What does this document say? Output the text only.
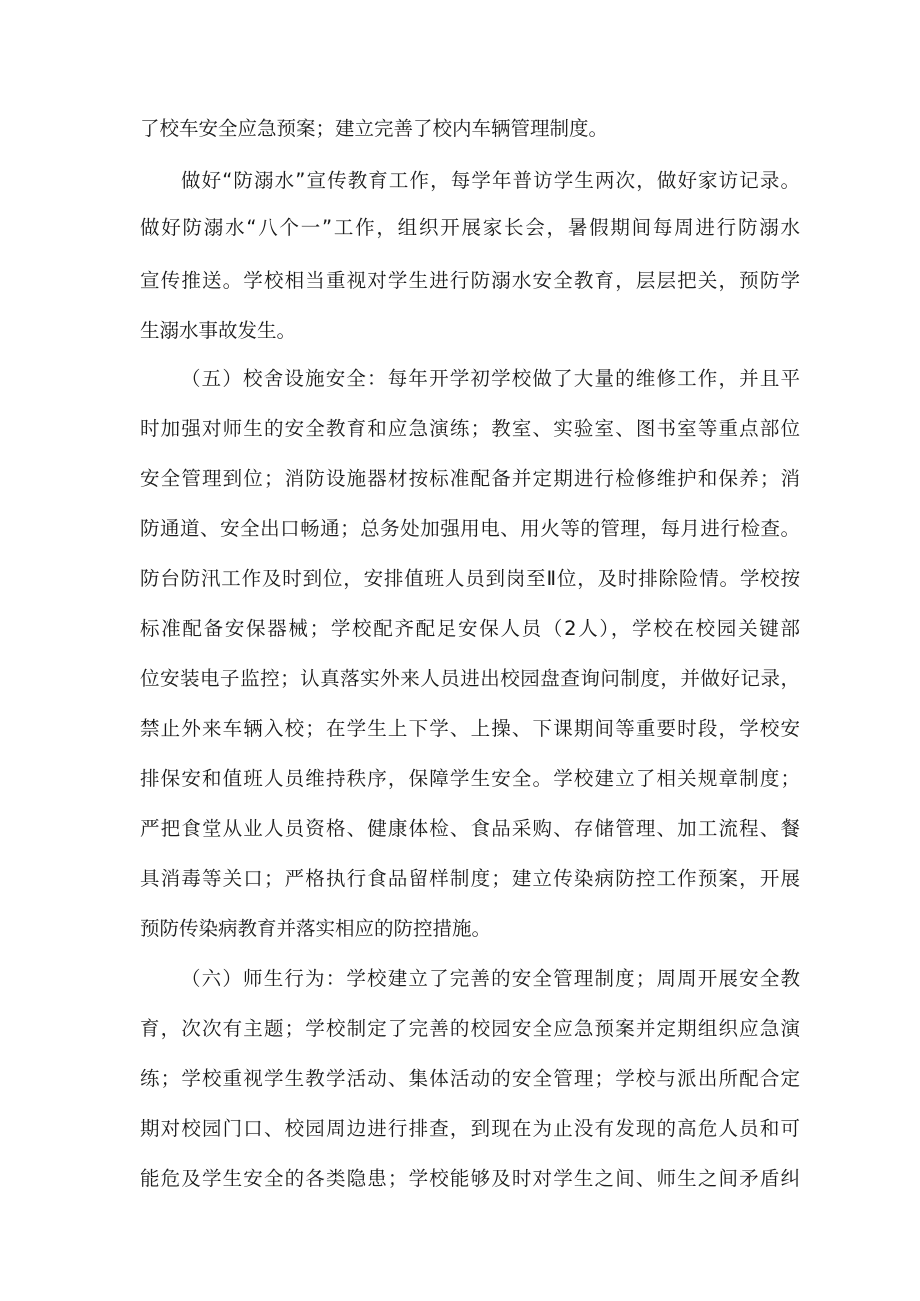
了校车安全应急预案；建立完善了校内车辆管理制度。
做好“防溺水”宣传教育工作，每学年普访学生两次，做好家访记录。
做好防溺水“八个一”工作，组织开展家长会，暑假期间每周进行防溺水
宣传推送。学校相当重视对学生进行防溺水安全教育，层层把关，预防学
生溺水事故发生。
（五）校舍设施安全：每年开学初学校做了大量的维修工作，并且平
时加强对师生的安全教育和应急演练；教室、实验室、图书室等重点部位
安全管理到位；消防设施器材按标准配备并定期进行检修维护和保养；消
防通道、安全出口畅通；总务处加强用电、用火等的管理，每月进行检查。
防台防汛工作及时到位，安排值班人员到岗至Ⅱ位，及时排除险情。学校按
标准配备安保器械；学校配齐配足安保人员（2人），学校在校园关键部
位安装电子监控；认真落实外来人员进出校园盘查询问制度，并做好记录，
禁止外来车辆入校；在学生上下学、上操、下课期间等重要时段，学校安
排保安和值班人员维持秩序，保障学生安全。学校建立了相关规章制度；
严把食堂从业人员资格、健康体检、食品采购、存储管理、加工流程、餐
具消毒等关口；严格执行食品留样制度；建立传染病防控工作预案，开展
预防传染病教育并落实相应的防控措施。
（六）师生行为：学校建立了完善的安全管理制度；周周开展安全教
育，次次有主题；学校制定了完善的校园安全应急预案并定期组织应急演
练；学校重视学生教学活动、集体活动的安全管理；学校与派出所配合定
期对校园门口、校园周边进行排查，到现在为止没有发现的高危人员和可
能危及学生安全的各类隐患；学校能够及时对学生之间、师生之间矛盾纠
